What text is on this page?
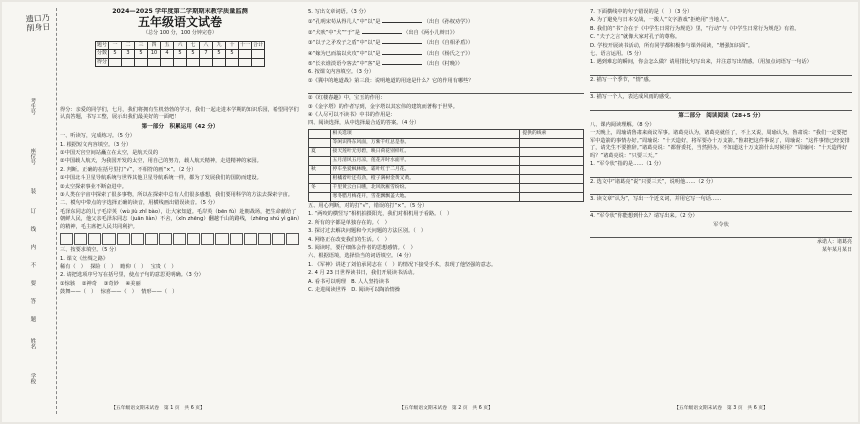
考生号
座位号
装
订
线
内
不
要
答
题
姓名
学校
遗口乃
削身日
2024—2025 学年度第二学期期末教学质量监测
五年级语文试卷
（总分 100 分，100 分钟完卷）
题号	一	二	三	四	五	六	七	八	九	十	十一	合计
分数	5	3	5	10	4	5	5	7	5	5		
得分												
得分：亲爱的同学们，七月，我们将拥有生机勃勃的学习，我们一起走进本学期的知识乐园，希望同学们认真答题，书写工整，展示出我们最美好的一面吧！
第一部分　积累运用（42 分）
一、听读写，完成练习。（5 分）
1. 根据短文内容填空。（3 分）
①中国天宫空间站矗立在太空，是航天员的
②中国载人航天，为我国开发的太空，用自己的努力，载人航天精神，走进精神的家园。
2. 判断。正确的在括号里打“√”，不相符的画“×”。（2 分）
①中国北斗卫星导航系统与世界其他卫星导航系统一样，都为了发展我们的国防而建设。
②太空探索事业不断奋进中。
③人类在宇宙中探索了很多事物，所以在探索中总有人们很多感想，我们要用科学的方法去探索宇宙。
二、模句中带点的字选择正确的读音，用横线画出错误读音。（5 分）
毛泽东同志的儿子毛岸英（wù jiù zhǐ bào），让大家知道。毛岸英（bēn fù）赴朝战场，把生命献给了朝鲜人民，他父亲毛泽东同志（juān liàn）不舍，（xīn zhēng）翻越千山的路线，（zhēng shú yì gān）的精神，毛主席把人民共同利护。
三、按要求填空。（5 分）
1. 课文《丝绸之路》
稀有（　）　 探险（　）　 瞻仰（　）　 宝贵（　）
2. 请把选项序号写在括号里，使点子句的意思更明确。（3 分）
①惊骇　 ②神奇　 ③奇妙　 ④美丽
鼓舞——（　）　 惊喜——（　）　 情形——（　）
【五年级语文期末试卷　第 1 页　共 6 页】
5. 写出文章词语。（3 分）
①“孔明宋苟从得几人”中“以”是	（出自《孙权劝学》）
②“犬吠”中“犬”“于”是	（出自《两小儿辩日》）
③“以子之矛攻子之盾”中“以”是	（出自《自相矛盾》）
④“嫁为巳而翁以火攻”中“以”是	（出自《杨氏之子》）
⑤“长衣谁淡语今客去”中“客”是	（出自《村晚》）
6. 按课文内容填空。（3 分）
①《冀中的地道战》第三段：说明地道的用途是什么？它的作用有哪些？
②《红楼春趣》中，宝玉的作用：
③《金字塔》的作者写到，金字塔以其宏伟的建筑而著称于世界。
④《人尽可以不读书》中书的作用是：
四、阅读选择，从中选择最合适的答案。（4 分）
	相关选项	提供的线索
	等闲识得东风面，万紫千红总是春。	
夏	接天莲叶无穷碧，映日荷花别样红。	
	五月清风五月凉，莲花开时水面平。	
秋	停车坐爱枫林晚，霜叶红于二月花。	
	柑橘着叶还有劲，橙子满树金黄又黄。	
冬	千里黄云白日曛，北风吹雁雪纷纷。	
	寒冬腊月梅花开，雪花飘飘盖大地。	
五、用心判断，对的打“√”，错误的打“×”。（5 分）
1. “两咬的横竖写”相机拍摄阳光，我们对相机用于看路。（　）
2. 所有的字都是单独存在的。（　）
3. 探讨过去解决问题和今天问题的方法区别。（　）
4. 网络正在改变我们的生活。（　）
5. 阅读时，要仔细体会作者的思想感情。（　）
六、根据语境，选择恰当的词语填空。（4 分）
1. 《军神》讲述了刘伯承同志在（　）的情况下接受手术，表现了他坚强的意志。
2. 4 月 23 日世界读书日，我们开展读书活动。
A. 看书可以明理　 B. 人人坚持读书
C. 走进阅读世界　 D. 阅读可以陶冶情操
【五年级语文期末试卷　第 2 页　共 6 页】
7. 下面横线中的句子错误的是（　）（3 分）
A. 为了避免与日本交战，一拨人“文字游戏”拒绝用“当地人”。
B. 我们的“书”合在于《中学生日常行为规范》里，“行动”与《中学生日常行为规范》有着。
C. “夫子之言”就像大家对孔子的尊称。
D. 学校开展读书活动，所有同学都积极参与课外阅读，“增强知识面”。
七、语言运用。（5 分）
1. 遇到难忘的瞬间，你会怎么做？请用排比句写出来，并注意写出情感。（用加点词语写一句话）
2. 描写一个季节，“情”感。
3. 描写一个人，表达成风雨的感受。
第二部分　阅读阅读（28+5 分）
八、课内阅读理解。（8 分）
一天晚上，周瑜请鲁肃来商议军事。诸葛亮认为，诸葛亮就任了，不上又说，周瑜认为，鲁肃说：“我们一定要把军中造箭的事情办好。”周瑜说：“十天造好，将军要办十万支箭。”鲁肃把这件事说了，周瑜说：“这件事情已经安排了，请先生不要推辞。”诸葛亮说：“都督委托，当然照办。不知道这十万支箭什么时候用？”周瑜问：“十天造得好吗？”诸葛亮说：“只要三天。”
1. “军令状”指的是……（1 分）
2. 选文中“诸葛亮”说“只要三天”，说明他……（2 分）
3. 读文章“认为”，写出一个近义词，并用它写一句话……
4. “军令状”你能想到什么？请写出来。（2 分）
军令状
承诺人：诸葛亮
某年某月某日
【五年级语文期末试卷　第 3 页　共 6 页】
